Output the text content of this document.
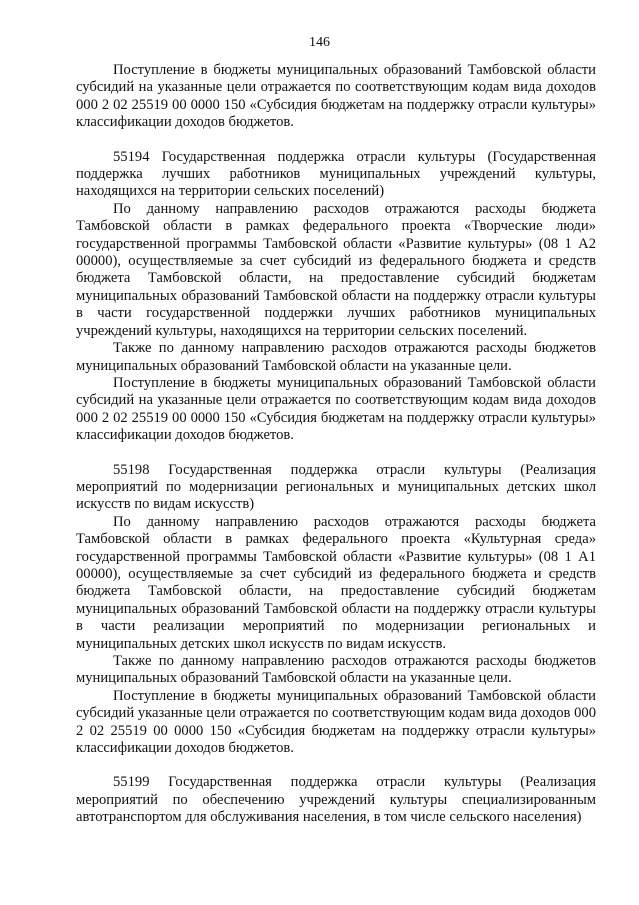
146

Поступление в бюджеты муниципальных образований Тамбовской области субсидий на указанные цели отражается по соответствующим кодам вида доходов 000 2 02 25519 00 0000 150 «Субсидия бюджетам на поддержку отрасли культуры» классификации доходов бюджетов.

55194 Государственная поддержка отрасли культуры (Государственная поддержка лучших работников муниципальных учреждений культуры, находящихся на территории сельских поселений)

По данному направлению расходов отражаются расходы бюджета Тамбовской области в рамках федерального проекта «Творческие люди» государственной программы Тамбовской области «Развитие культуры» (08 1 A2 00000), осуществляемые за счет субсидий из федерального бюджета и средств бюджета Тамбовской области, на предоставление субсидий бюджетам муниципальных образований Тамбовской области на поддержку отрасли культуры в части государственной поддержки лучших работников муниципальных учреждений культуры, находящихся на территории сельских поселений.

Также по данному направлению расходов отражаются расходы бюджетов муниципальных образований Тамбовской области на указанные цели.

Поступление в бюджеты муниципальных образований Тамбовской области субсидий на указанные цели отражается по соответствующим кодам вида доходов 000 2 02 25519 00 0000 150 «Субсидия бюджетам на поддержку отрасли культуры» классификации доходов бюджетов.

55198 Государственная поддержка отрасли культуры (Реализация мероприятий по модернизации региональных и муниципальных детских школ искусств по видам искусств)

По данному направлению расходов отражаются расходы бюджета Тамбовской области в рамках федерального проекта «Культурная среда» государственной программы Тамбовской области «Развитие культуры» (08 1 A1 00000), осуществляемые за счет субсидий из федерального бюджета и средств бюджета Тамбовской области, на предоставление субсидий бюджетам муниципальных образований Тамбовской области на поддержку отрасли культуры в части реализации мероприятий по модернизации региональных и муниципальных детских школ искусств по видам искусств.

Также по данному направлению расходов отражаются расходы бюджетов муниципальных образований Тамбовской области на указанные цели.

Поступление в бюджеты муниципальных образований Тамбовской области субсидий указанные цели отражается по соответствующим кодам вида доходов 000 2 02 25519 00 0000 150 «Субсидия бюджетам на поддержку отрасли культуры» классификации доходов бюджетов.

55199 Государственная поддержка отрасли культуры (Реализация мероприятий по обеспечению учреждений культуры специализированным автотранспортом для обслуживания населения, в том числе сельского населения)
